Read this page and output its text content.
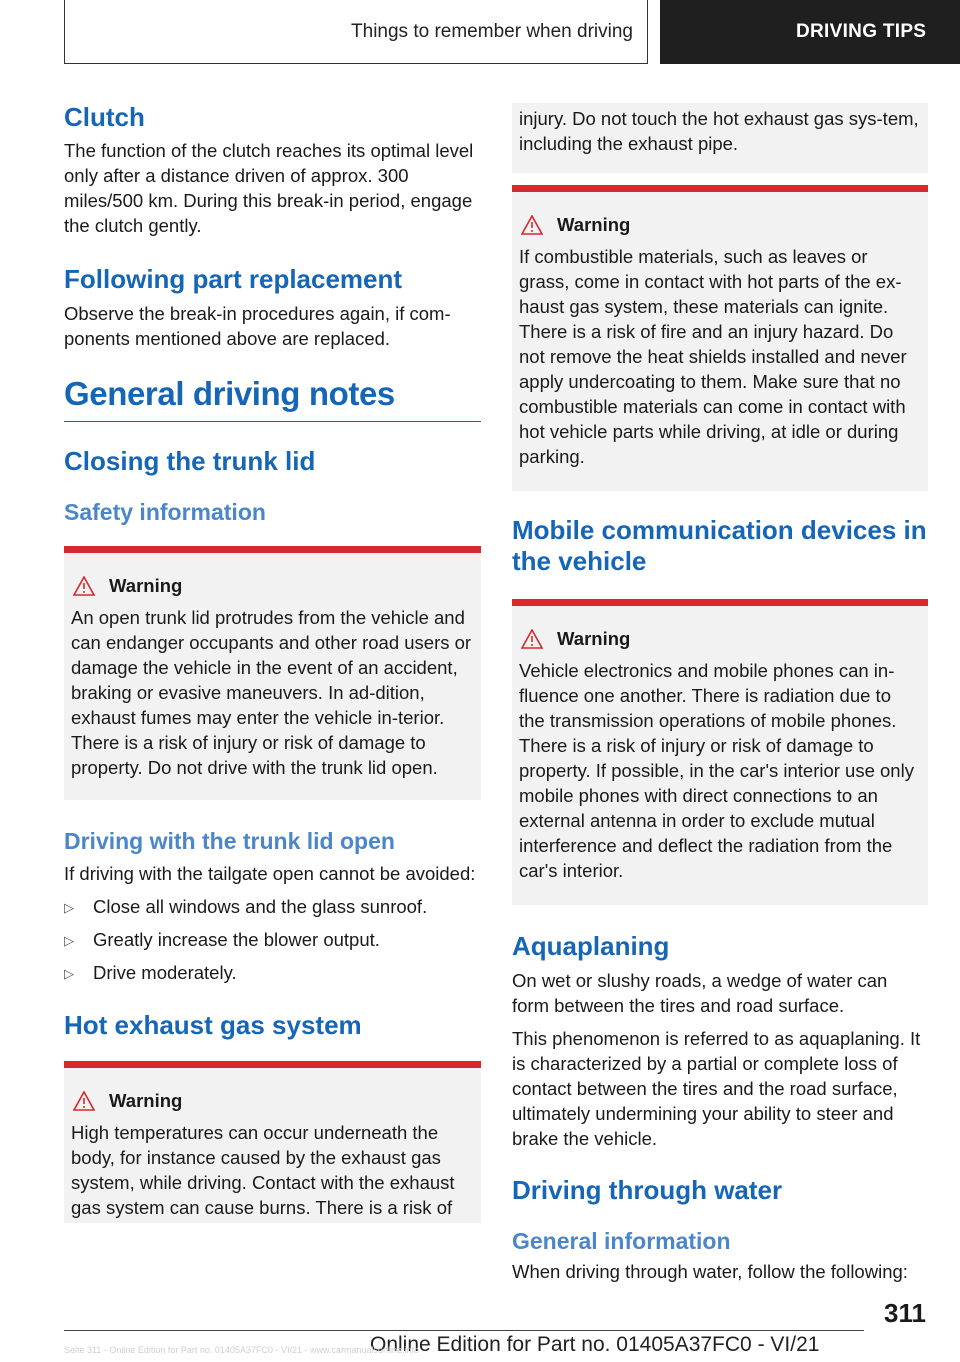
Things to remember when driving	DRIVING TIPS
Clutch

The function of the clutch reaches its optimal level only after a distance driven of approx. 300 miles/500 km. During this break-in period, engage the clutch gently.

Following part replacement

Observe the break-in procedures again, if com‐ponents mentioned above are replaced.

General driving notes
Closing the trunk lid
Safety information
Warning

An open trunk lid protrudes from the vehicle and can endanger occupants and other road users or damage the vehicle in the event of an accident, braking or evasive maneuvers. In ad‐dition, exhaust fumes may enter the vehicle in‐terior. There is a risk of injury or risk of damage to property. Do not drive with the trunk lid open.

Driving with the trunk lid open

If driving with the tailgate open cannot be avoided:

▷	Close all windows and the glass sunroof.
▷	Greatly increase the blower output.
▷	Drive moderately.
Hot exhaust gas system
Warning

High temperatures can occur underneath the body, for instance caused by the exhaust gas system, while driving. Contact with the exhaust gas system can cause burns. There is a risk of

injury. Do not touch the hot exhaust gas sys‐tem, including the exhaust pipe.

Warning

If combustible materials, such as leaves or grass, come in contact with hot parts of the ex‐haust gas system, these materials can ignite. There is a risk of fire and an injury hazard. Do not remove the heat shields installed and never apply undercoating to them. Make sure that no combustible materials can come in contact with hot vehicle parts while driving, at idle or during parking.

Mobile communication devices in the vehicle
Warning

Vehicle electronics and mobile phones can in‐fluence one another. There is radiation due to the transmission operations of mobile phones. There is a risk of injury or risk of damage to property. If possible, in the car's interior use only mobile phones with direct connections to an external antenna in order to exclude mutual interference and deflect the radiation from the car's interior.

Aquaplaning

On wet or slushy roads, a wedge of water can form between the tires and road surface.

This phenomenon is referred to as aquaplaning. It is characterized by a partial or complete loss of contact between the tires and the road surface, ultimately undermining your ability to steer and brake the vehicle.

Driving through water
General information

When driving through water, follow the following:

311
Online Edition for Part no. 01405A37FC0 - VI/21
Seite 311 - Online Edition for Part no. 01405A37FC0 - VI/21 - www.carmanualsonline.info
